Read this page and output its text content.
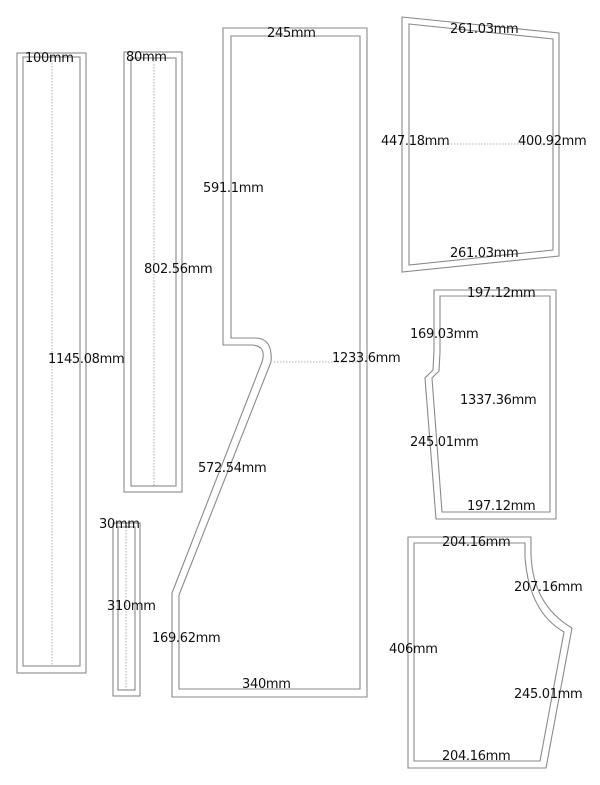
100mm
1145.08mm
80mm
802.56mm
30mm
310mm
245mm
591.1mm
1233.6mm
572.54mm
169.62mm
340mm
261.03mm
447.18mm	400.92mm
261.03mm
197.12mm
169.03mm
1337.36mm
245.01mm
197.12mm
204.16mm
207.16mm
406mm
245.01mm
204.16mm
